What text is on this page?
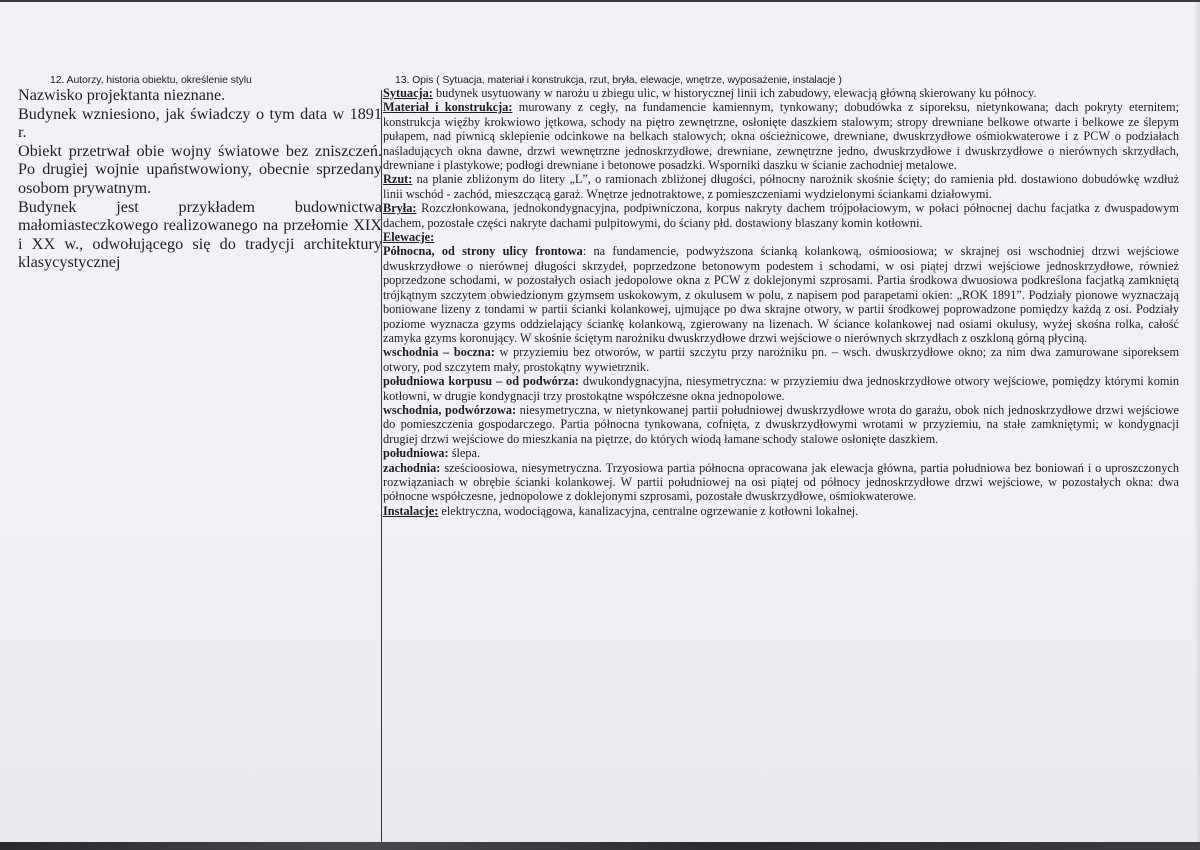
12. Autorzy, historia obiektu, określenie stylu

Nazwisko projektanta nieznane.

Budynek wzniesiono, jak świadczy o tym data w 1891 r.

Obiekt przetrwał obie wojny światowe bez zniszczeń. Po drugiej wojnie upaństwowiony, obecnie sprzedany osobom prywatnym.

Budynek jest przykładem budownictwa małomiasteczkowego realizowanego na przełomie XIX i XX w., odwołującego się do tradycji architektury klasycystycznej

13. Opis ( Sytuacja, materiał i konstrukcja, rzut, bryła, elewacje, wnętrze, wyposażenie, instalacje )

Sytuacja: budynek usytuowany w narożu u zbiegu ulic, w historycznej linii ich zabudowy, elewacją główną skierowany ku północy.

Materiał i konstrukcja: murowany z cegły, na fundamencie kamiennym, tynkowany; dobudówka z siporeksu, nietynkowana; dach pokryty eternitem; konstrukcja więźby krokwiowo jętkowa, schody na piętro zewnętrzne, osłonięte daszkiem stalowym; stropy drewniane belkowe otwarte i belkowe ze ślepym pułapem, nad piwnicą sklepienie odcinkowe na belkach stalowych; okna ościeżnicowe, drewniane, dwuskrzydłowe ośmiokwaterowe i z PCW o podziałach naśladujących okna dawne, drzwi wewnętrzne jednoskrzydłowe, drewniane, zewnętrzne jedno, dwuskrzydłowe i dwuskrzydłowe o nierównych skrzydłach, drewniane i plastykowe; podłogi drewniane i betonowe posadzki. Wsporniki daszku w ścianie zachodniej metalowe.

Rzut: na planie zbliżonym do litery „L”, o ramionach zbliżonej długości, północny narożnik skośnie ścięty; do ramienia płd. dostawiono dobudówkę wzdłuż linii wschód - zachód, mieszczącą garaż. Wnętrze jednotraktowe, z pomieszczeniami wydzielonymi ściankami działowymi.

Bryła: Rozczłonkowana, jednokondygnacyjna, podpiwniczona, korpus nakryty dachem trójpołaciowym, w połaci północnej dachu facjatka z dwuspadowym dachem, pozostałe części nakryte dachami pulpitowymi, do ściany płd. dostawiony blaszany komin kotłowni.

Elewacje:

Północna, od strony ulicy frontowa: na fundamencie, podwyższona ścianką kolankową, ośmioosiowa; w skrajnej osi wschodniej drzwi wejściowe dwuskrzydłowe o nierównej długości skrzydeł, poprzedzone betonowym podestem i schodami, w osi piątej drzwi wejściowe jednoskrzydłowe, również poprzedzone schodami, w pozostałych osiach jedopolowe okna z PCW z doklejonymi szprosami. Partia środkowa dwuosiowa podkreślona facjatką zamkniętą trójkątnym szczytem obwiedzionym gzymsem uskokowym, z okulusem w polu, z napisem pod parapetami okien: „ROK 1891”. Podziały pionowe wyznaczają boniowane lizeny z tondami w partii ścianki kolankowej, ujmujące po dwa skrajne otwory, w partii środkowej poprowadzone pomiędzy każdą z osi. Podziały poziome wyznacza gzyms oddzielający ściankę kolankową, zgierowany na lizenach. W ściance kolankowej nad osiami okulusy, wyżej skośna rolka, całość zamyka gzyms koronujący. W skośnie ściętym narożniku dwuskrzydłowe drzwi wejściowe o nierównych skrzydłach z oszkloną górną płyciną.

wschodnia – boczna: w przyziemiu bez otworów, w partii szczytu przy narożniku pn. – wsch. dwuskrzydłowe okno; za nim dwa zamurowane siporeksem otwory, pod szczytem mały, prostokątny wywietrznik.

południowa korpusu – od podwórza: dwukondygnacyjna, niesymetryczna: w przyziemiu dwa jednoskrzydłowe otwory wejściowe, pomiędzy którymi komin kotłowni, w drugie kondygnacji trzy prostokątne współczesne okna jednopolowe.

wschodnia, podwórzowa: niesymetryczna, w nietynkowanej partii południowej dwuskrzydłowe wrota do garażu, obok nich jednoskrzydłowe drzwi wejściowe do pomieszczenia gospodarczego. Partia północna tynkowana, cofnięta, z dwuskrzydłowymi wrotami w przyziemiu, na stałe zamkniętymi; w kondygnacji drugiej drzwi wejściowe do mieszkania na piętrze, do których wiodą łamane schody stalowe osłonięte daszkiem.

południowa: ślepa.

zachodnia: sześcioosiowa, niesymetryczna. Trzyosiowa partia północna opracowana jak elewacja główna, partia południowa bez boniowań i o uproszczonych rozwiązaniach w obrębie ścianki kolankowej. W partii południowej na osi piątej od północy jednoskrzydłowe drzwi wejściowe, w pozostałych okna: dwa północne współczesne, jednopolowe z doklejonymi szprosami, pozostałe dwuskrzydłowe, ośmiokwaterowe.

Instalacje: elektryczna, wodociągowa, kanalizacyjna, centralne ogrzewanie z kotłowni lokalnej.
